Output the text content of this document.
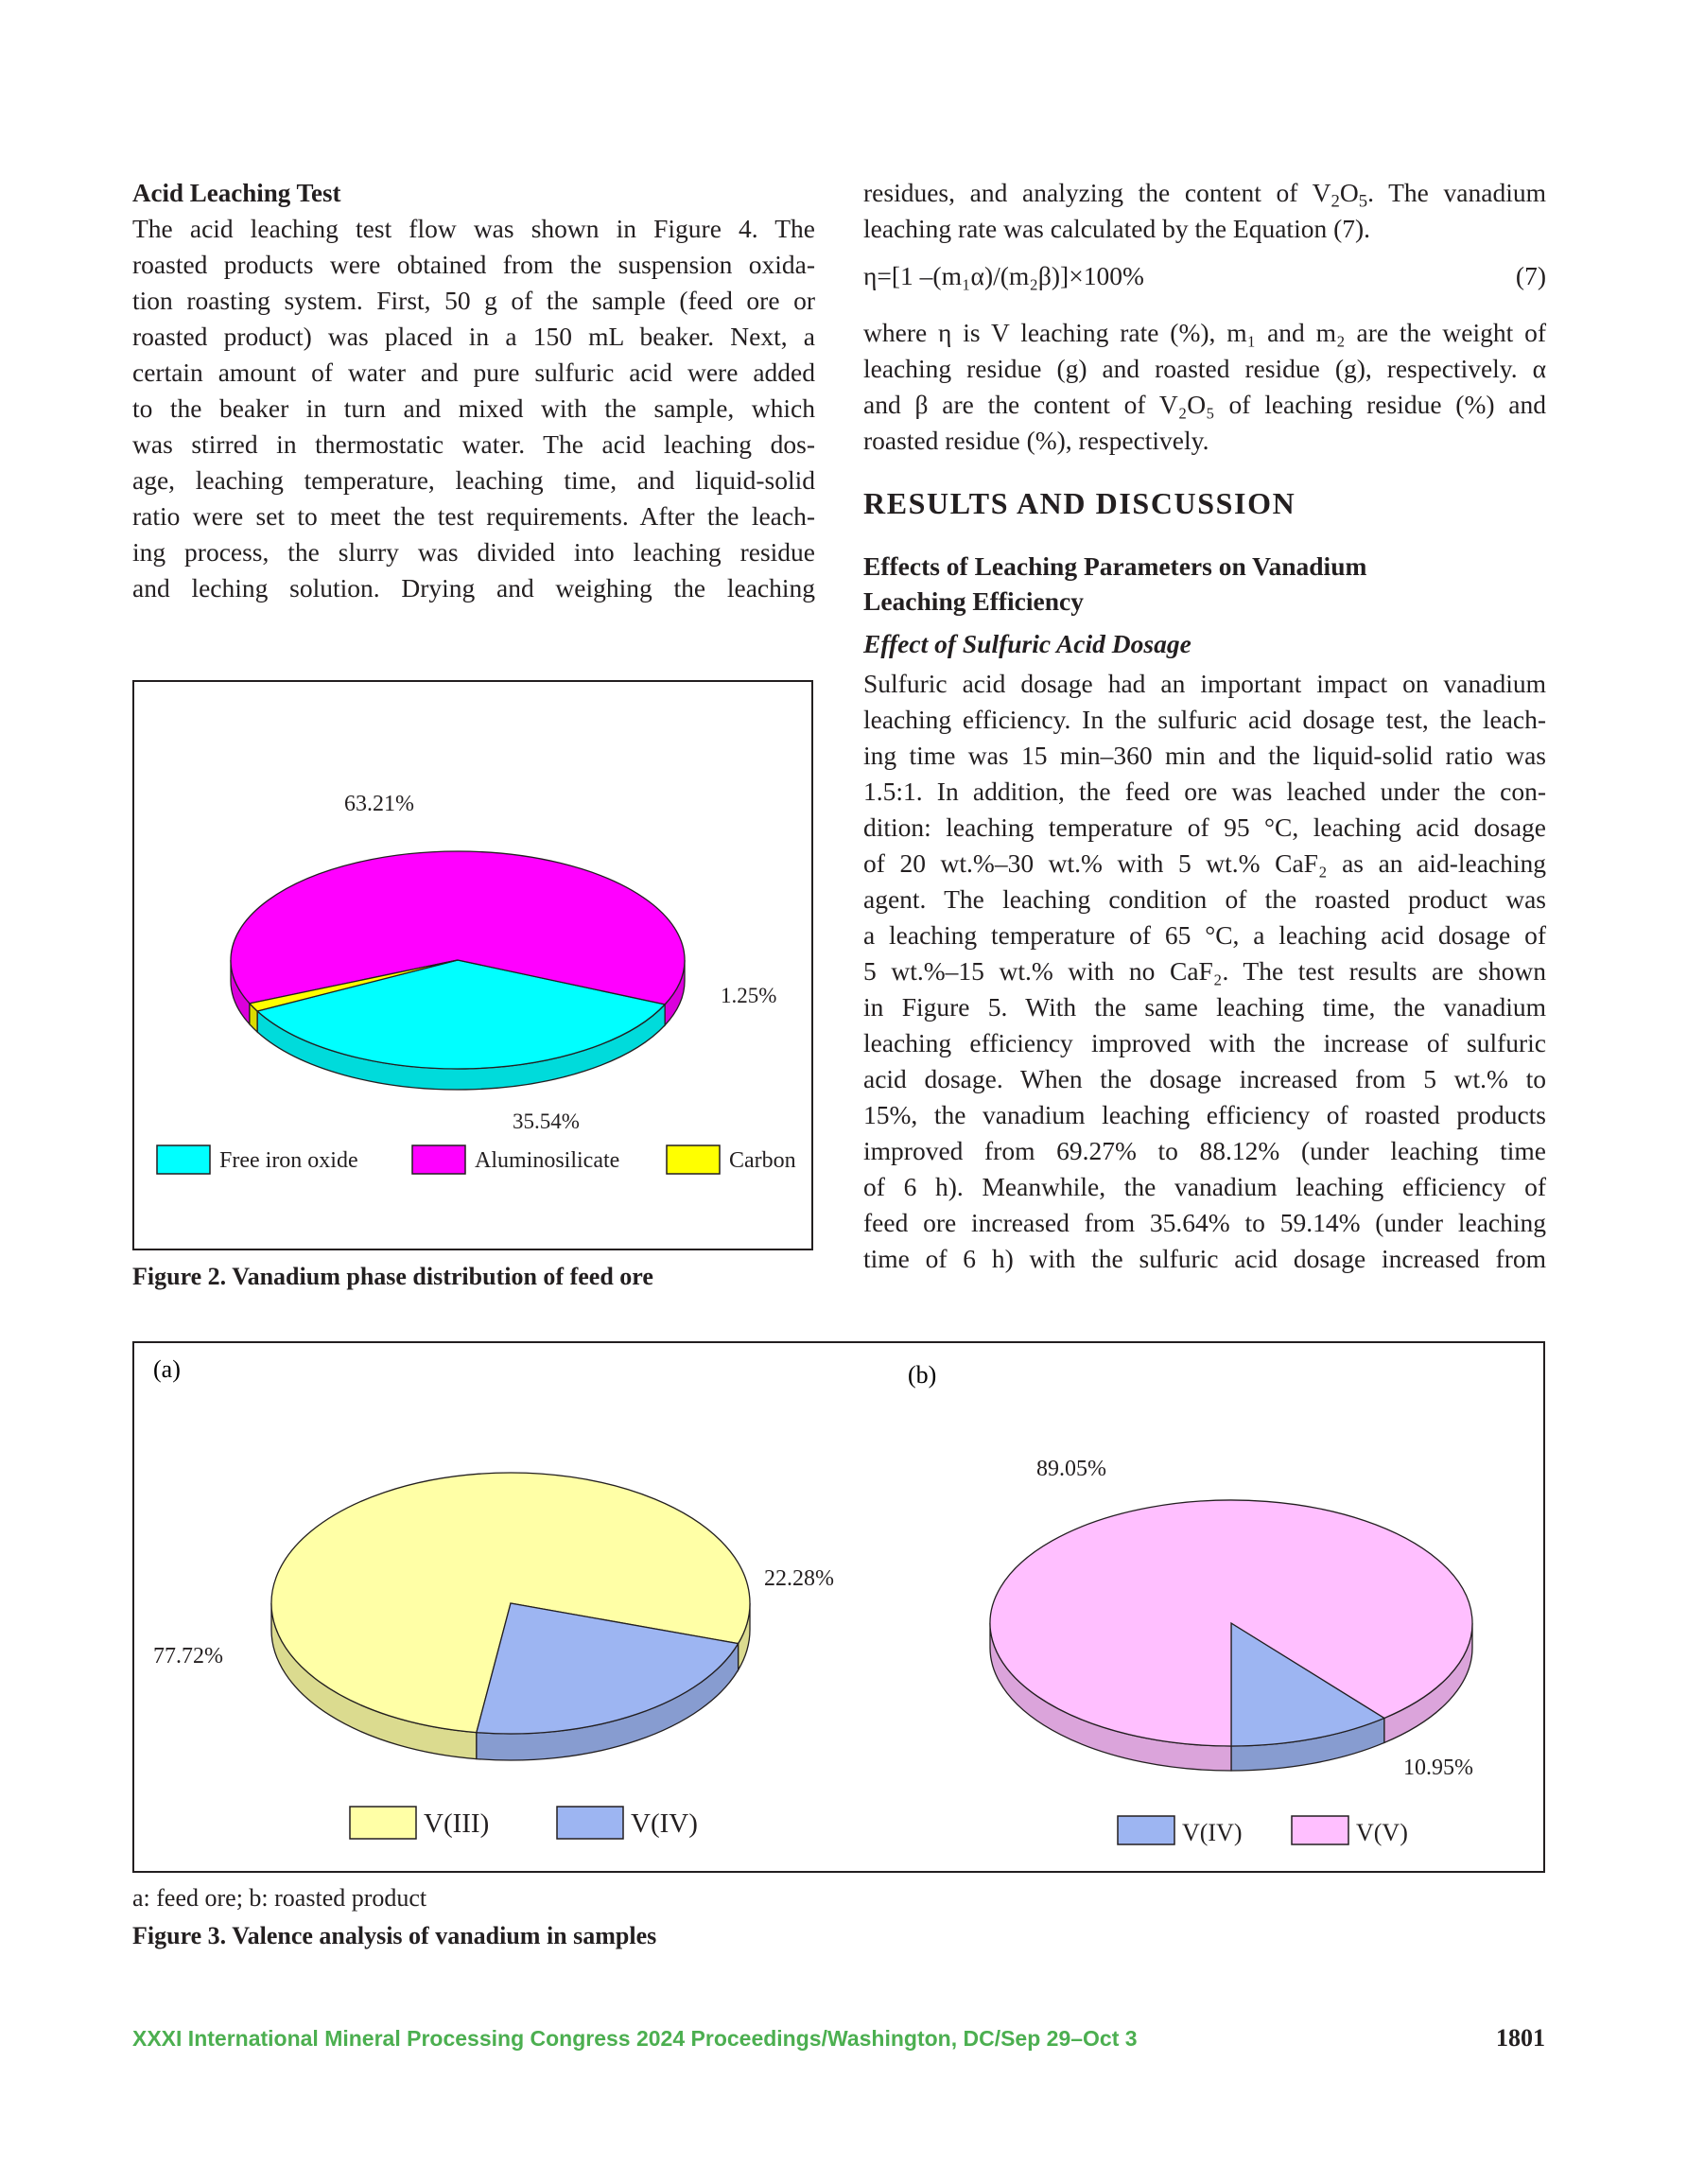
Acid Leaching Test
The acid leaching test flow was shown in Figure 4. The
roasted products were obtained from the suspension oxida-
tion roasting system. First, 50 g of the sample (feed ore or
roasted product) was placed in a 150 mL beaker. Next, a
certain amount of water and pure sulfuric acid were added
to the beaker in turn and mixed with the sample, which
was stirred in thermostatic water. The acid leaching dos-
age, leaching temperature, leaching time, and liquid-solid
ratio were set to meet the test requirements. After the leach-
ing process, the slurry was divided into leaching residue
and leching solution. Drying and weighing the leaching
residues, and analyzing the content of $V_2O_5$. The vanadium
leaching rate was calculated by the Equation (7).
η=[1 –(m₁α)/(m₂β)]×100%	(7)
where η is V leaching rate (%), m₁ and m₂ are the weight of
leaching residue (g) and roasted residue (g), respectively. α
and β are the content of V₂O₅ of leaching residue (%) and
roasted residue (%), respectively.
RESULTS AND DISCUSSION
Effects of Leaching Parameters on Vanadium
Leaching Efficiency
Effect of Sulfuric Acid Dosage
Sulfuric acid dosage had an important impact on vanadium
leaching efficiency. In the sulfuric acid dosage test, the leach-
ing time was 15 min–360 min and the liquid-solid ratio was
1.5:1. In addition, the feed ore was leached under the con-
dition: leaching temperature of 95 °C, leaching acid dosage
of 20 wt.%–30 wt.% with 5 wt.% CaF₂ as an aid-leaching
agent. The leaching condition of the roasted product was
a leaching temperature of 65 °C, a leaching acid dosage of
5 wt.%–15 wt.% with no CaF₂. The test results are shown
in Figure 5. With the same leaching time, the vanadium
leaching efficiency improved with the increase of sulfuric
acid dosage. When the dosage increased from 5 wt.% to
15%, the vanadium leaching efficiency of roasted products
improved from 69.27% to 88.12% (under leaching time
of 6 h). Meanwhile, the vanadium leaching efficiency of
feed ore increased from 35.64% to 59.14% (under leaching
time of 6 h) with the sulfuric acid dosage increased from
63.21%
1.25%
35.54%
Free iron oxide	Aluminosilicate	Carbon
Figure 2. Vanadium phase distribution of feed ore
(a)	(b)
77.72%
22.28%
V(III)	V(IV)
89.05%
10.95%
V(IV)	V(V)
a: feed ore; b: roasted product
Figure 3. Valence analysis of vanadium in samples
XXXI International Mineral Processing Congress 2024 Proceedings/Washington, DC/Sep 29–Oct 3	1801
